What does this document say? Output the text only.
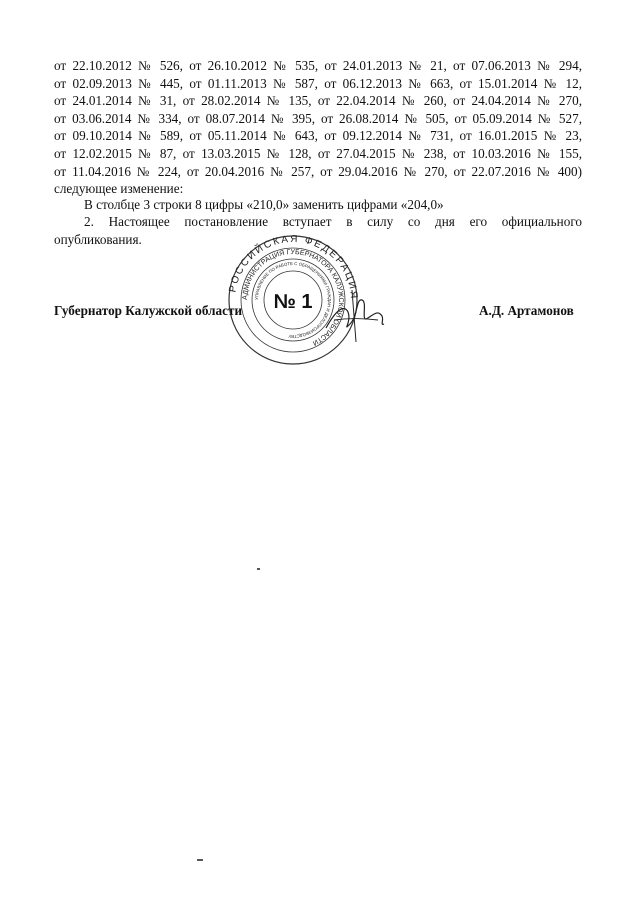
от 22.10.2012 № 526, от 26.10.2012 № 535, от 24.01.2013 № 21, от 07.06.2013 № 294,
от 02.09.2013 № 445, от 01.11.2013 № 587, от 06.12.2013 № 663, от 15.01.2014 № 12,
от 24.01.2014 № 31, от 28.02.2014 № 135, от 22.04.2014 № 260, от 24.04.2014 № 270,
от 03.06.2014 № 334, от 08.07.2014 № 395, от 26.08.2014 № 505, от 05.09.2014 № 527,
от 09.10.2014 № 589, от 05.11.2014 № 643, от 09.12.2014 № 731, от 16.01.2015 № 23,
от 12.02.2015 № 87, от 13.03.2015 № 128, от 27.04.2015 № 238, от 10.03.2016 № 155,
от 11.04.2016 № 224, от 20.04.2016 № 257, от 29.04.2016 № 270, от 22.07.2016 № 400)
следующее изменение:
В столбце 3 строки 8 цифры «210,0» заменить цифрами «204,0»
2. Настоящее постановление вступает в силу со дня его официального
опубликования.
Губернатор Калужской области	А.Д. Артамонов
РОССИЙСКАЯ ФЕДЕРАЦИЯ
АДМИНИСТРАЦИЯ ГУБЕРНАТОРА КАЛУЖСКОЙ ОБЛАСТИ
УПРАВЛЕНИЕ ПО РАБОТЕ С ОБРАЩЕНИЯМИ ГРАЖДАН И ДЕЛОПРОИЗВОДСТВУ
№ 1
